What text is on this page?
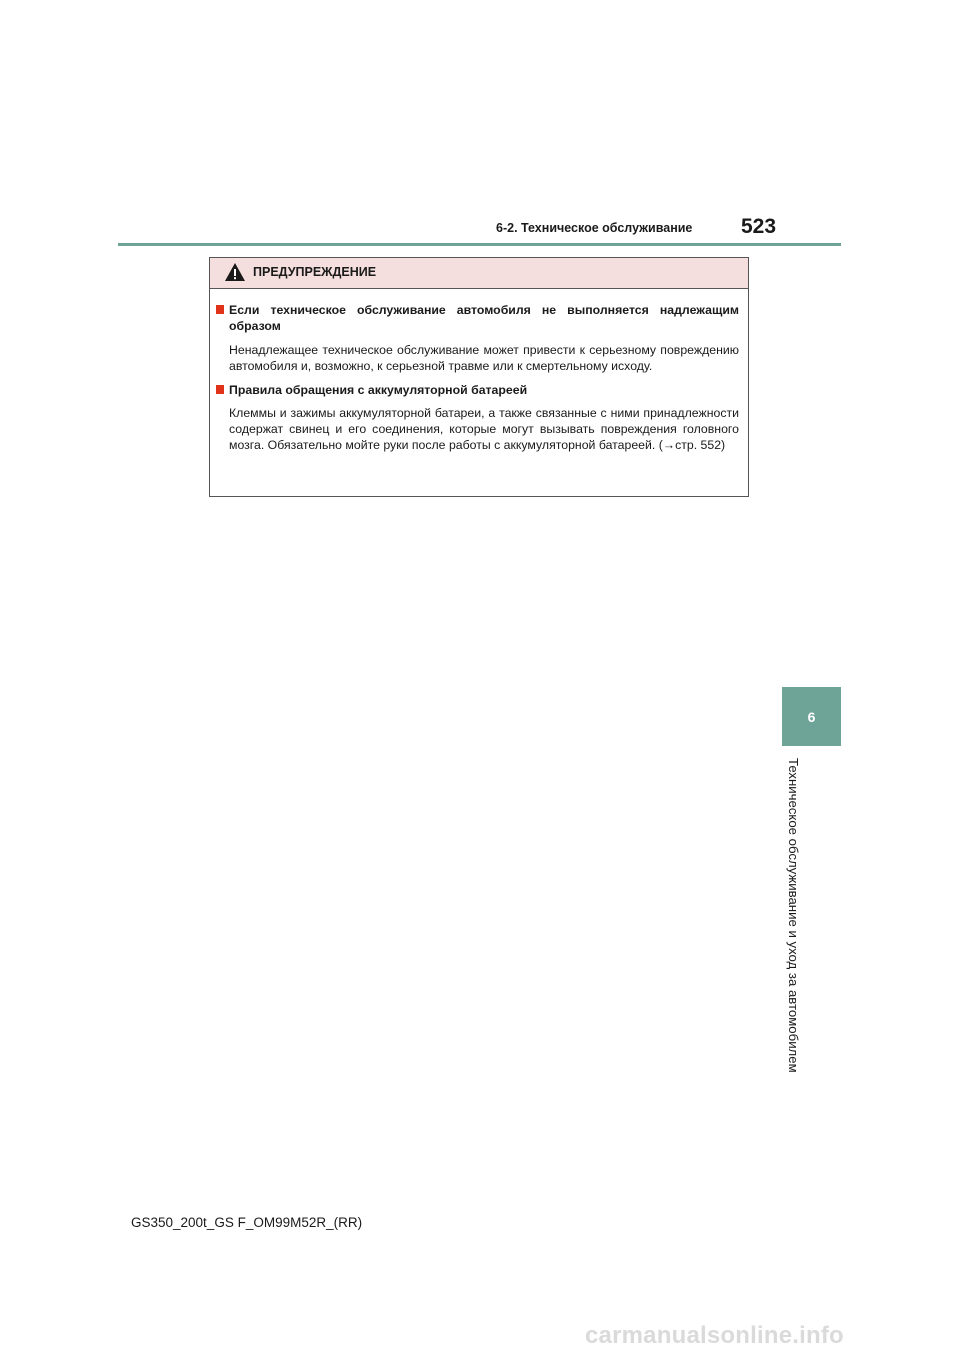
6-2. Техническое обслуживание 523
ПРЕДУПРЕЖДЕНИЕ
Если техническое обслуживание автомобиля не выполняется надлежащим образом
Ненадлежащее техническое обслуживание может привести к серьезному повреждению автомобиля и, возможно, к серьезной травме или к смертельному исходу.
Правила обращения с аккумуляторной батареей
Клеммы и зажимы аккумуляторной батареи, а также связанные с ними принадлежности содержат свинец и его соединения, которые могут вызывать повреждения головного мозга. Обязательно мойте руки после работы с аккумуляторной батареей. (→стр. 552)
6
Техническое обслуживание и уход за автомобилем
GS350_200t_GS F_OM99M52R_(RR)
carmanualsonline.info
